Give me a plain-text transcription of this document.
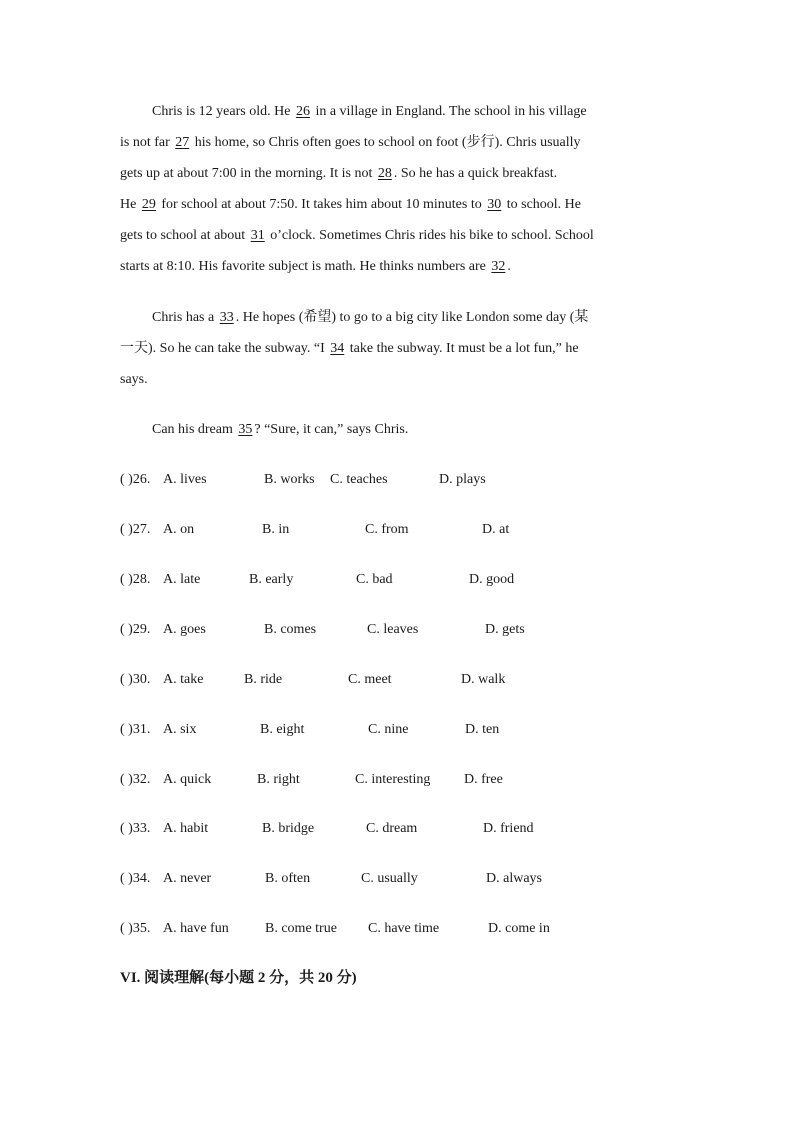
Chris is 12 years old. He 26 in a village in England. The school in his village
is not far 27 his home, so Chris often goes to school on foot (步行). Chris usually
gets up at about 7:00 in the morning. It is not 28 . So he has a quick breakfast.
He 29 for school at about 7:50. It takes him about 10 minutes to 30 to school. He
gets to school at about 31 o’clock. Sometimes Chris rides his bike to school. School
starts at 8:10. His favorite subject is math. He thinks numbers are 32 .
Chris has a 33 . He hopes (希望) to go to a big city like London some day (某
一天). So he can take the subway. “I 34 take the subway. It must be a lot fun,” he
says.
Can his dream 35 ? “Sure, it can,” says Chris.
( )26. A. lives	B. works C. teaches	D. plays
( )27. A. on	B. in	C. from	D. at
( )28. A. late	B. early	C. bad	D. good
( )29. A. goes	B. comes	C. leaves	D. gets
( )30. A. take	B. ride	C. meet	D. walk
( )31. A. six	B. eight	C. nine	D. ten
( )32. A. quick	B. right	C. interesting D. free
( )33. A. habit	B. bridge	C. dream	D. friend
( )34. A. never	B. often	C. usually	D. always
( )35. A. have fun	B. come true C. have time	D. come in
VI. 阅读理解(每小题 2 分，共 20 分)
